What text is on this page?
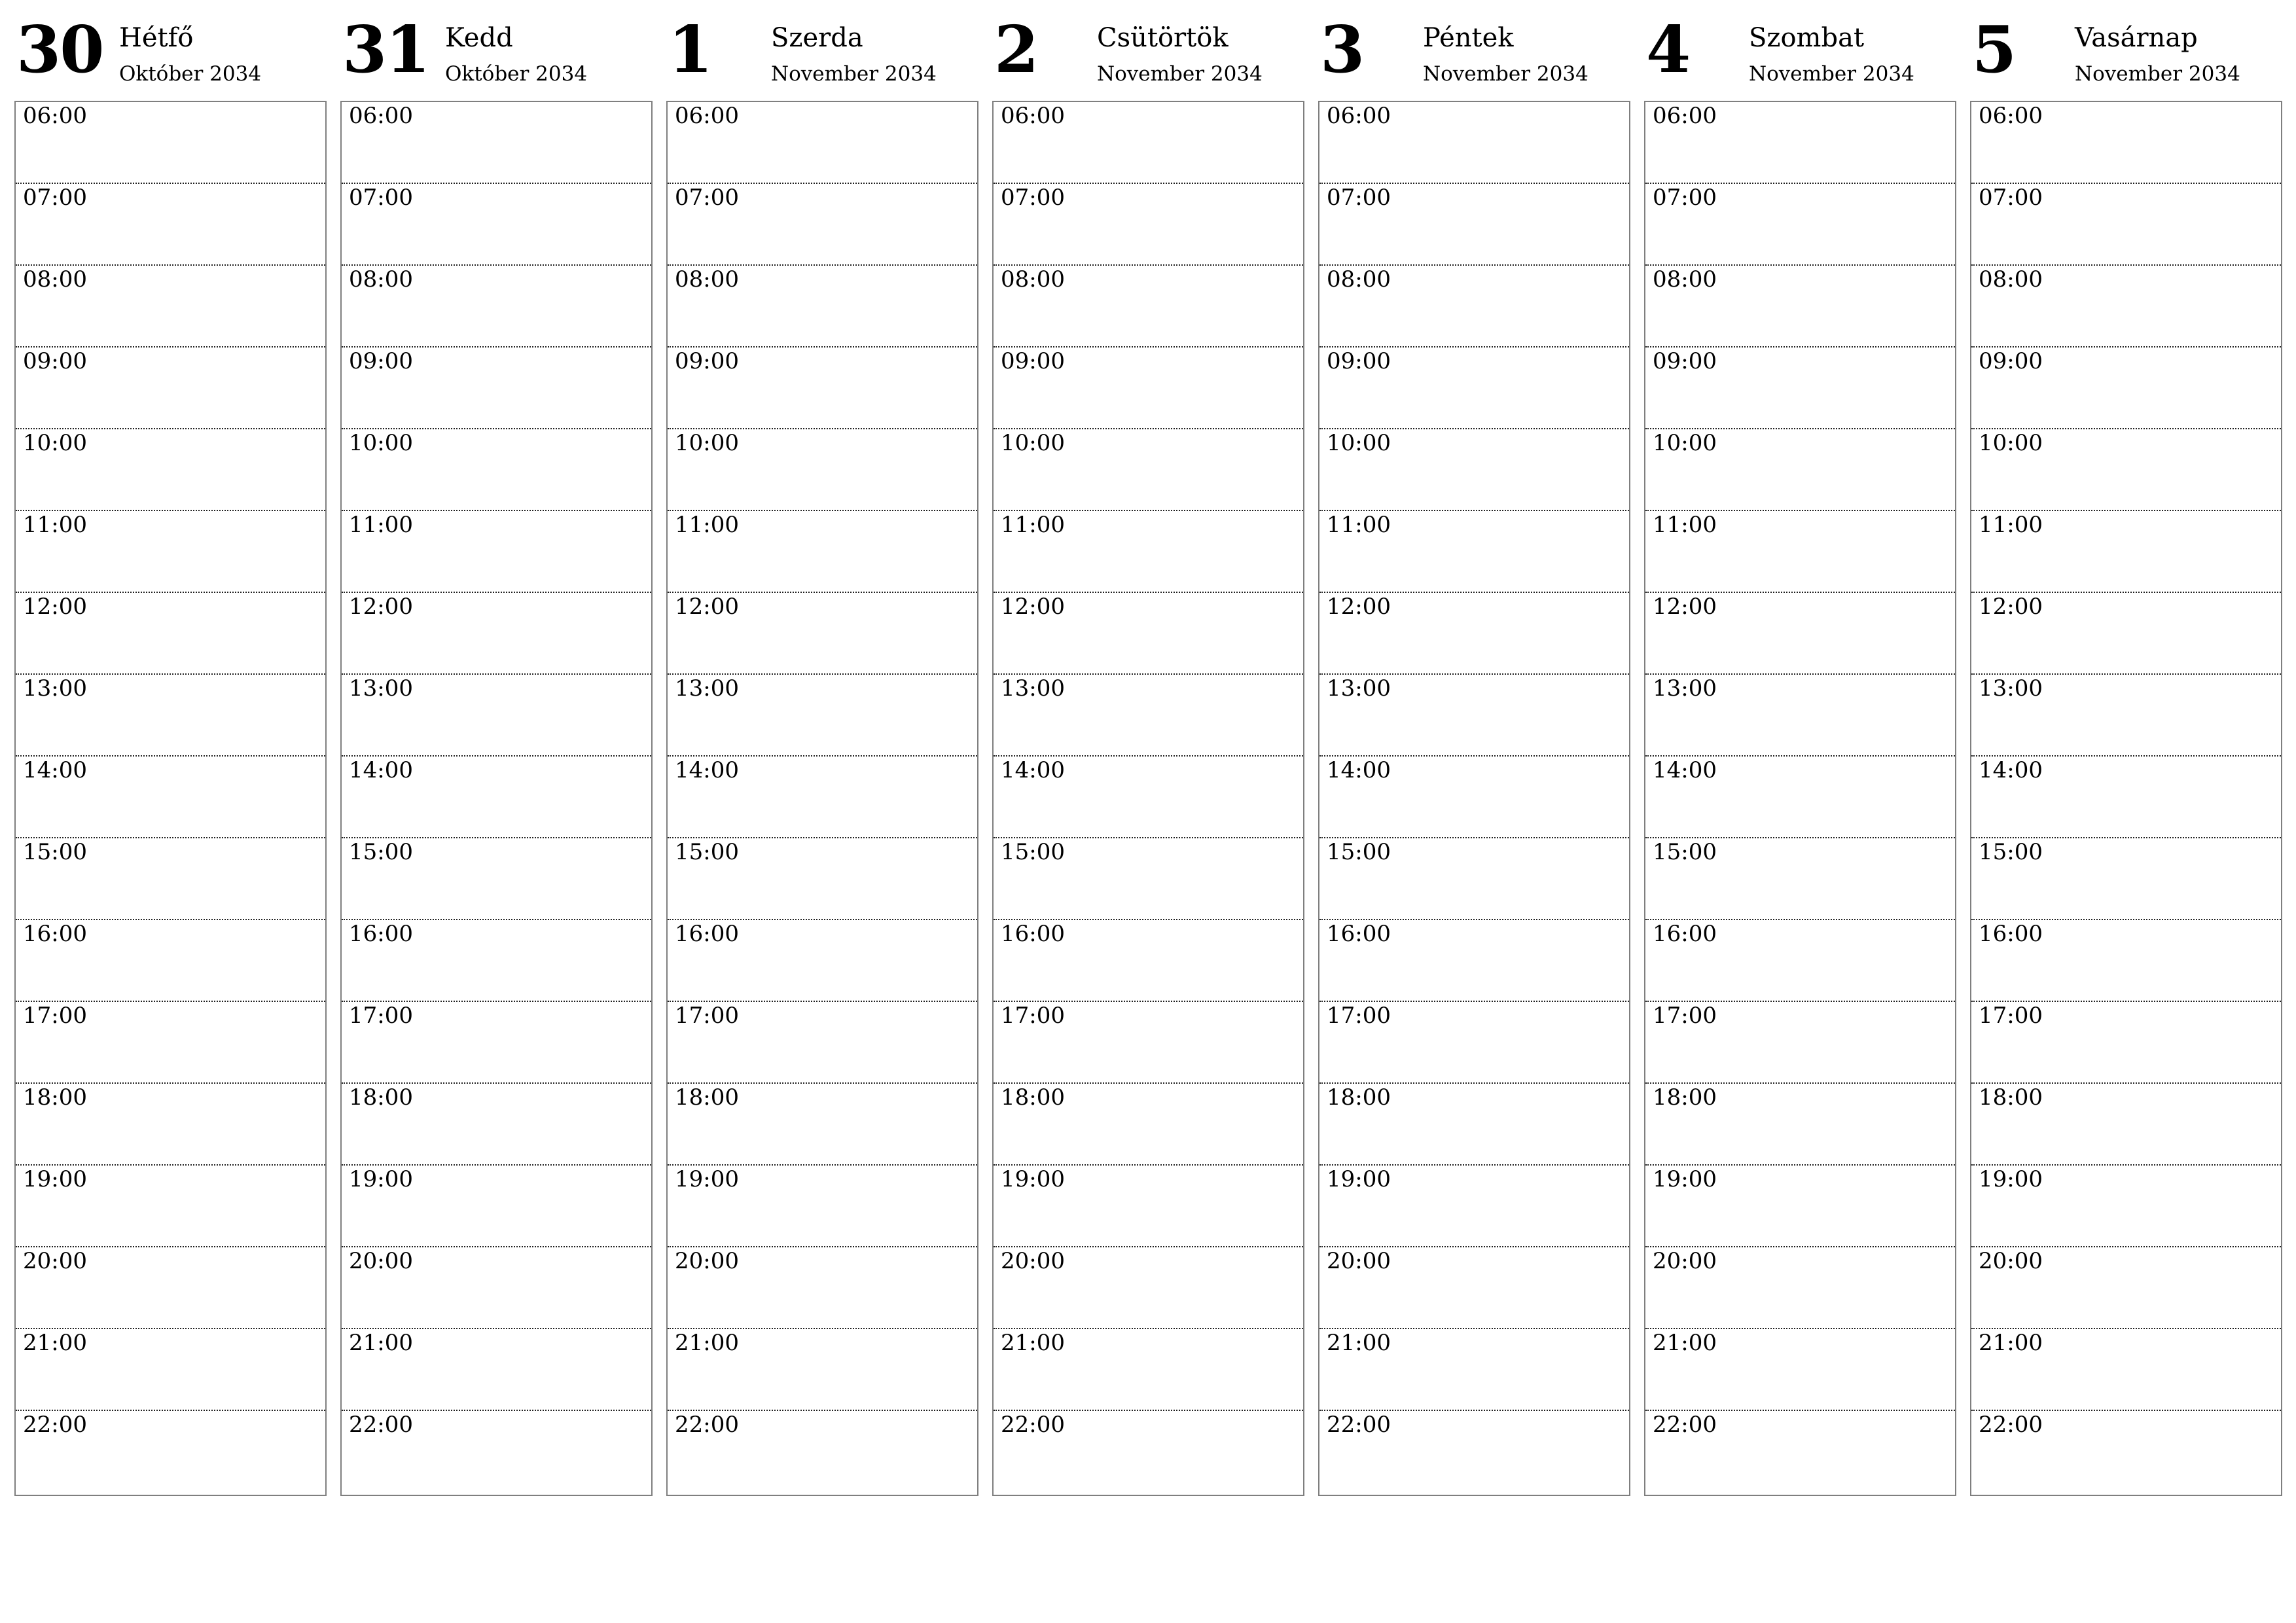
30 Hétfő
Október 2034
06:00
07:00
08:00
09:00
10:00
11:00
12:00
13:00
14:00
15:00
16:00
17:00
18:00
19:00
20:00
21:00
22:00
31 Kedd
Október 2034
06:00
07:00
08:00
09:00
10:00
11:00
12:00
13:00
14:00
15:00
16:00
17:00
18:00
19:00
20:00
21:00
22:00
1 Szerda
November 2034
06:00
07:00
08:00
09:00
10:00
11:00
12:00
13:00
14:00
15:00
16:00
17:00
18:00
19:00
20:00
21:00
22:00
2 Csütörtök
November 2034
06:00
07:00
08:00
09:00
10:00
11:00
12:00
13:00
14:00
15:00
16:00
17:00
18:00
19:00
20:00
21:00
22:00
3 Péntek
November 2034
06:00
07:00
08:00
09:00
10:00
11:00
12:00
13:00
14:00
15:00
16:00
17:00
18:00
19:00
20:00
21:00
22:00
4 Szombat
November 2034
06:00
07:00
08:00
09:00
10:00
11:00
12:00
13:00
14:00
15:00
16:00
17:00
18:00
19:00
20:00
21:00
22:00
5 Vasárnap
November 2034
06:00
07:00
08:00
09:00
10:00
11:00
12:00
13:00
14:00
15:00
16:00
17:00
18:00
19:00
20:00
21:00
22:00
